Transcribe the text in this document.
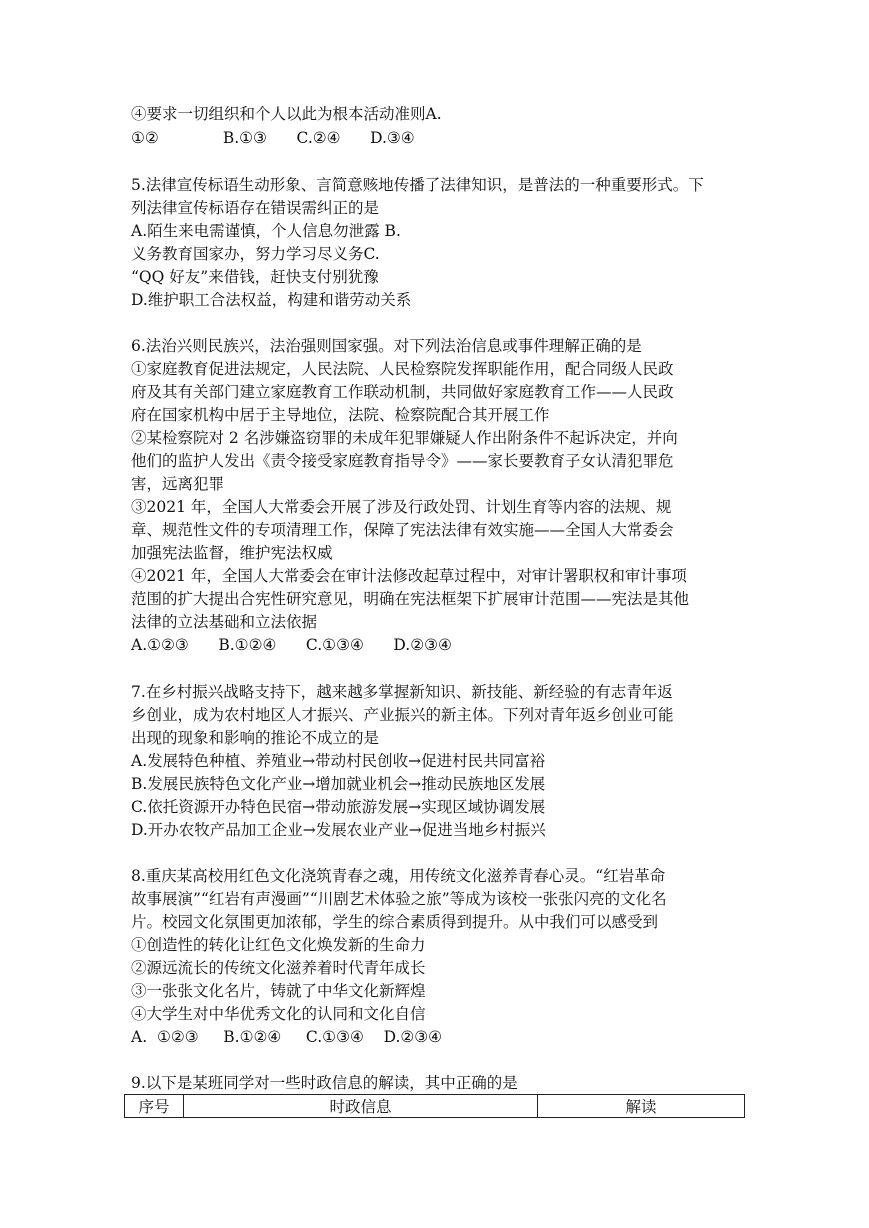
④要求一切组织和个人以此为根本活动准则A.
①②             B.①③      C.②④      D.③④
5.法律宣传标语生动形象、言简意赅地传播了法律知识，是普法的一种重要形式。下
列法律宣传标语存在错误需纠正的是
A.陌生来电需谨慎，个人信息勿泄露 B.
义务教育国家办，努力学习尽义务C.
“QQ 好友”来借钱，赶快支付别犹豫
D.维护职工合法权益，构建和谐劳动关系
6.法治兴则民族兴，法治强则国家强。对下列法治信息或事件理解正确的是
①家庭教育促进法规定，人民法院、人民检察院发挥职能作用，配合同级人民政
府及其有关部门建立家庭教育工作联动机制，共同做好家庭教育工作——人民政
府在国家机构中居于主导地位，法院、检察院配合其开展工作
②某检察院对 2 名涉嫌盗窃罪的未成年犯罪嫌疑人作出附条件不起诉决定，并向
他们的监护人发出《责令接受家庭教育指导令》——家长要教育子女认清犯罪危
害，远离犯罪
③2021 年，全国人大常委会开展了涉及行政处罚、计划生育等内容的法规、规
章、规范性文件的专项清理工作，保障了宪法法律有效实施——全国人大常委会
加强宪法监督，维护宪法权威
④2021 年，全国人大常委会在审计法修改起草过程中，对审计署职权和审计事项
范围的扩大提出合宪性研究意见，明确在宪法框架下扩展审计范围——宪法是其他
法律的立法基础和立法依据
A.①②③      B.①②④      C.①③④      D.②③④
7.在乡村振兴战略支持下，越来越多掌握新知识、新技能、新经验的有志青年返
乡创业，成为农村地区人才振兴、产业振兴的新主体。下列对青年返乡创业可能
出现的现象和影响的推论不成立的是
A.发展特色种植、养殖业→带动村民创收→促进村民共同富裕
B.发展民族特色文化产业→增加就业机会→推动民族地区发展
C.依托资源开办特色民宿→带动旅游发展→实现区域协调发展
D.开办农牧产品加工企业→发展农业产业→促进当地乡村振兴
8.重庆某高校用红色文化浇筑青春之魂，用传统文化滋养青春心灵。“红岩革命
故事展演”“红岩有声漫画”“川剧艺术体验之旅”等成为该校一张张闪亮的文化名
片。校园文化氛围更加浓郁，学生的综合素质得到提升。从中我们可以感受到
①创造性的转化让红色文化焕发新的生命力
②源远流长的传统文化滋养着时代青年成长
③一张张文化名片，铸就了中华文化新辉煌
④大学生对中华优秀文化的认同和文化自信
A.  ①②③     B.①②④     C.①③④    D.②③④
9.以下是某班同学对一些时政信息的解读，其中正确的是
序号	时政信息	解读
